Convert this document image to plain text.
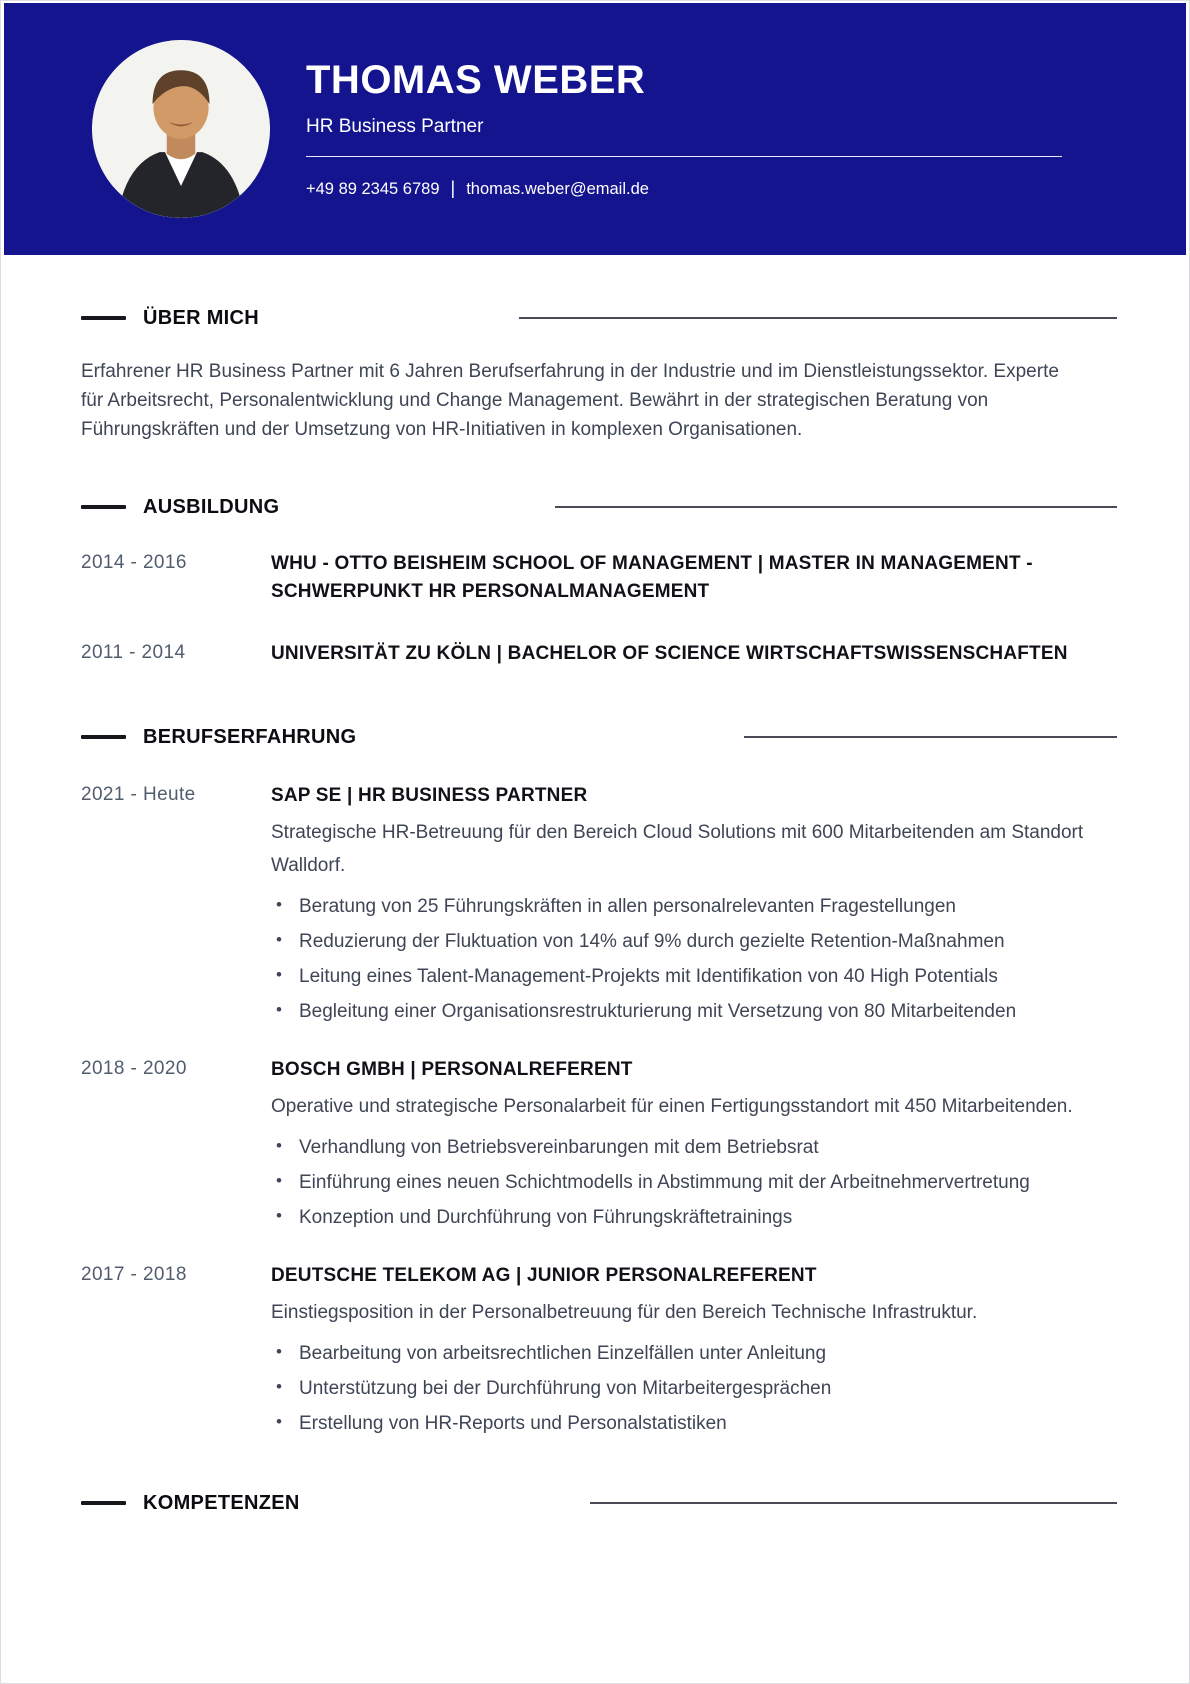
THOMAS WEBER
HR Business Partner
+49 89 2345 6789 | thomas.weber@email.de
ÜBER MICH

Erfahrener HR Business Partner mit 6 Jahren Berufserfahrung in der Industrie und im Dienstleistungssektor. Experte für Arbeitsrecht, Personalentwicklung und Change Management. Bewährt in der strategischen Beratung von Führungskräften und der Umsetzung von HR-Initiativen in komplexen Organisationen.

AUSBILDUNG
2014 - 2016	WHU - OTTO BEISHEIM SCHOOL OF MANAGEMENT | MASTER IN MANAGEMENT - SCHWERPUNKT HR PERSONALMANAGEMENT
2011 - 2014	UNIVERSITÄT ZU KÖLN | BACHELOR OF SCIENCE WIRTSCHAFTSWISSENSCHAFTEN
BERUFSERFAHRUNG
2021 - Heute	SAP SE | HR BUSINESS PARTNER

Strategische HR-Betreuung für den Bereich Cloud Solutions mit 600 Mitarbeitenden am Standort Walldorf.

• Beratung von 25 Führungskräften in allen personalrelevanten Fragestellungen
• Reduzierung der Fluktuation von 14% auf 9% durch gezielte Retention-Maßnahmen
• Leitung eines Talent-Management-Projekts mit Identifikation von 40 High Potentials
• Begleitung einer Organisationsrestrukturierung mit Versetzung von 80 Mitarbeitenden
2018 - 2020	BOSCH GMBH | PERSONALREFERENT

Operative und strategische Personalarbeit für einen Fertigungsstandort mit 450 Mitarbeitenden.

• Verhandlung von Betriebsvereinbarungen mit dem Betriebsrat
• Einführung eines neuen Schichtmodells in Abstimmung mit der Arbeitnehmervertretung
• Konzeption und Durchführung von Führungskräftetrainings
2017 - 2018	DEUTSCHE TELEKOM AG | JUNIOR PERSONALREFERENT

Einstiegsposition in der Personalbetreuung für den Bereich Technische Infrastruktur.

• Bearbeitung von arbeitsrechtlichen Einzelfällen unter Anleitung
• Unterstützung bei der Durchführung von Mitarbeitergesprächen
• Erstellung von HR-Reports und Personalstatistiken
KOMPETENZEN
